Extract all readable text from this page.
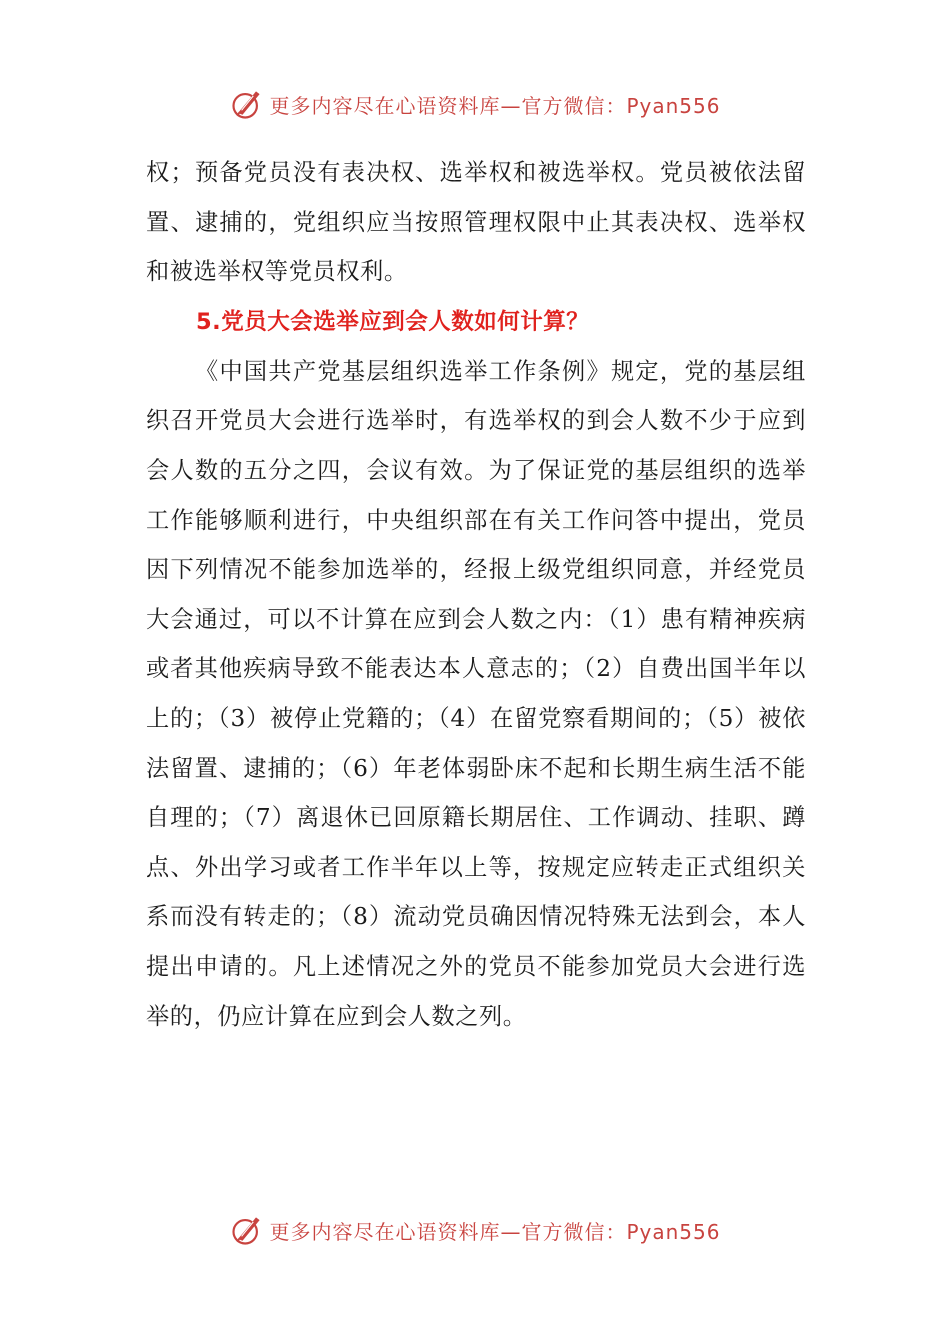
更多内容尽在心语资料库—官方微信：Pyan556

权；预备党员没有表决权、选举权和被选举权。党员被依法留置、逮捕的，党组织应当按照管理权限中止其表决权、选举权和被选举权等党员权利。

5.党员大会选举应到会人数如何计算？

《中国共产党基层组织选举工作条例》规定，党的基层组织召开党员大会进行选举时，有选举权的到会人数不少于应到会人数的五分之四，会议有效。为了保证党的基层组织的选举工作能够顺利进行，中央组织部在有关工作问答中提出，党员因下列情况不能参加选举的，经报上级党组织同意，并经党员大会通过，可以不计算在应到会人数之内：（1）患有精神疾病或者其他疾病导致不能表达本人意志的；（2）自费出国半年以上的；（3）被停止党籍的；（4）在留党察看期间的；（5）被依法留置、逮捕的；（6）年老体弱卧床不起和长期生病生活不能自理的；（7）离退休已回原籍长期居住、工作调动、挂职、蹲点、外出学习或者工作半年以上等，按规定应转走正式组织关系而没有转走的；（8）流动党员确因情况特殊无法到会，本人提出申请的。凡上述情况之外的党员不能参加党员大会进行选举的，仍应计算在应到会人数之列。

更多内容尽在心语资料库—官方微信：Pyan556
